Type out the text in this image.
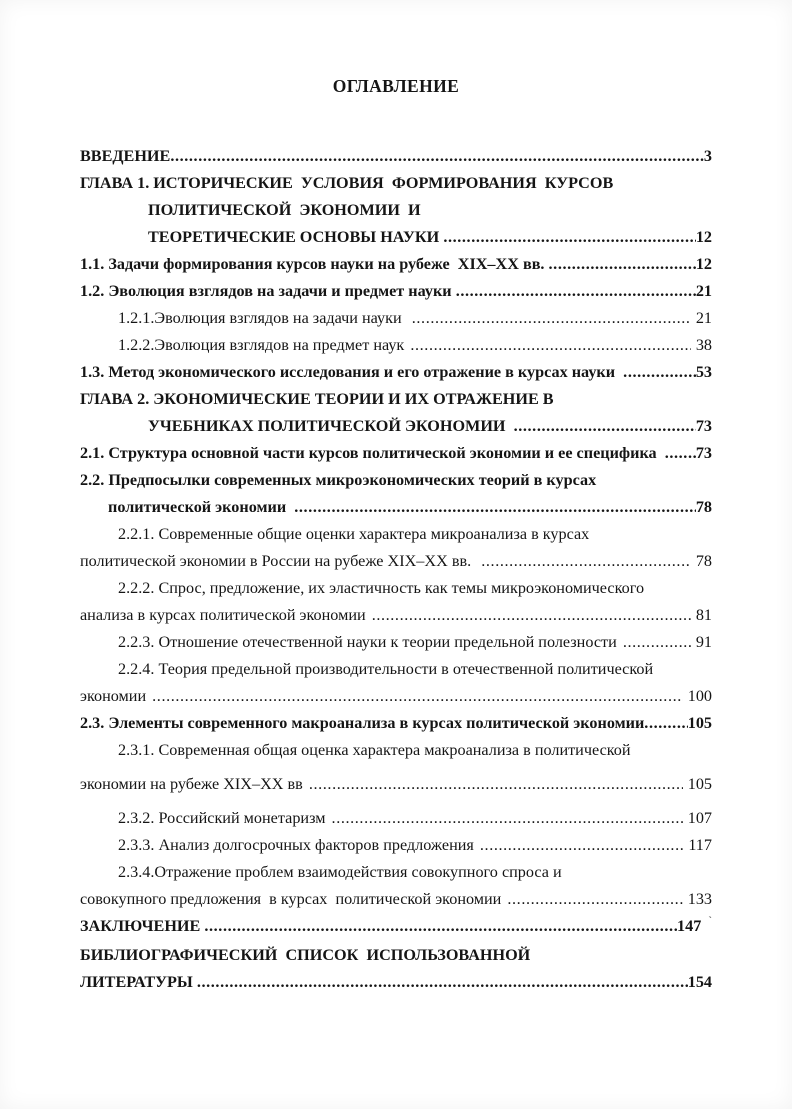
ОГЛАВЛЕНИЕ
ВВЕДЕНИЕ .....	3
ГЛАВА 1. ИСТОРИЧЕСКИЕ  УСЛОВИЯ  ФОРМИРОВАНИЯ  КУРСОВ
ПОЛИТИЧЕСКОЙ  ЭКОНОМИИ  И
ТЕОРЕТИЧЕСКИЕ ОСНОВЫ НАУКИ .....	12
1.1. Задачи формирования курсов науки на рубеже  XIX–XX вв. .....	12
1.2. Эволюция взглядов на задачи и предмет науки .....	21
1.2.1.Эволюция взглядов на задачи науки .....	21
1.2.2.Эволюция взглядов на предмет наук .....	38
1.3. Метод экономического исследования и его отражение в курсах науки .....	53
ГЛАВА 2. ЭКОНОМИЧЕСКИЕ ТЕОРИИ И ИХ ОТРАЖЕНИЕ В
УЧЕБНИКАХ ПОЛИТИЧЕСКОЙ ЭКОНОМИИ .....	73
2.1. Структура основной части курсов политической экономии и ее специфика ..... 73
2.2. Предпосылки современных микроэкономических теорий в курсах
политической экономии .....	78
2.2.1. Современные общие оценки характера микроанализа в курсах
политической экономии в России на рубеже XIX–XX вв. .....	78
2.2.2. Спрос, предложение, их эластичность как темы микроэкономического
анализа в курсах политической экономии .....	81
2.2.3. Отношение отечественной науки к теории предельной полезности .....	91
2.2.4. Теория предельной производительности в отечественной политической
экономии .....	100
2.3. Элементы современного макроанализа в курсах политической экономии .....	105
2.3.1. Современная общая оценка характера макроанализа в политической
экономии на рубеже XIX–XX вв .....	105
2.3.2. Российский монетаризм .....	107
2.3.3. Анализ долгосрочных факторов предложения .....	117
2.3.4.Отражение проблем взаимодействия совокупного спроса и
совокупного предложения  в курсах  политической экономии .....	133
ЗАКЛЮЧЕНИЕ .....	147 ˋ
БИБЛИОГРАФИЧЕСКИЙ  СПИСОК  ИСПОЛЬЗОВАННОЙ
ЛИТЕРАТУРЫ .....	154
